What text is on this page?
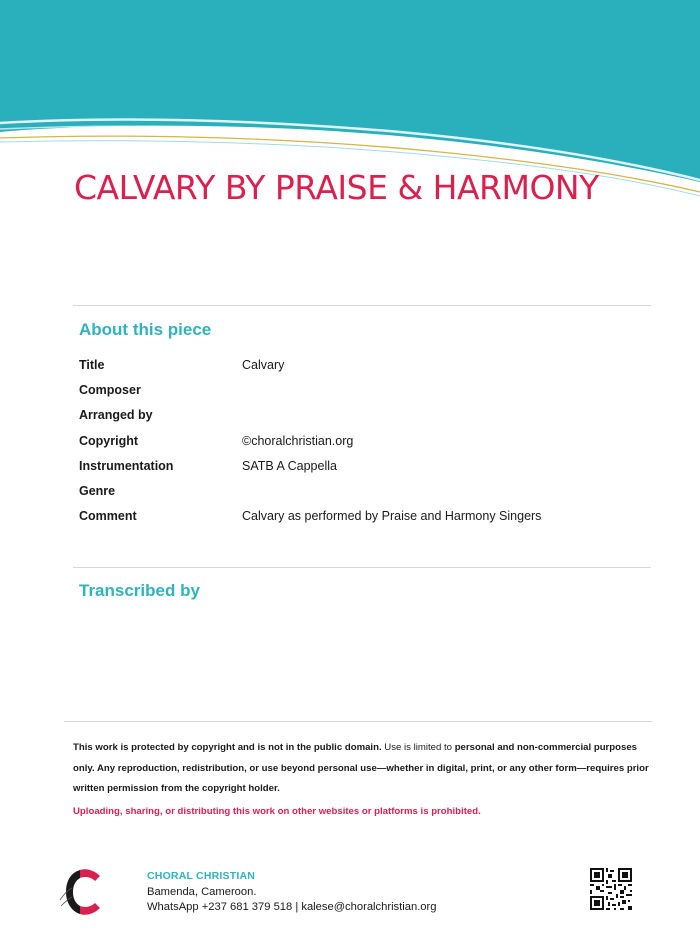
CALVARY BY PRAISE & HARMONY
About this piece
Title	Calvary
Composer	
Arranged by	
Copyright	©choralchristian.org
Instrumentation	SATB A Cappella
Genre	
Comment	Calvary as performed by Praise and Harmony Singers
Transcribed by

This work is protected by copyright and is not in the public domain. Use is limited to personal and non-commercial purposes only. Any reproduction, redistribution, or use beyond personal use—whether in digital, print, or any other form—requires prior written permission from the copyright holder.

Uploading, sharing, or distributing this work on other websites or platforms is prohibited.

CHORAL CHRISTIAN
Bamenda, Cameroon.
WhatsApp +237 681 379 518 | kalese@choralchristian.org
